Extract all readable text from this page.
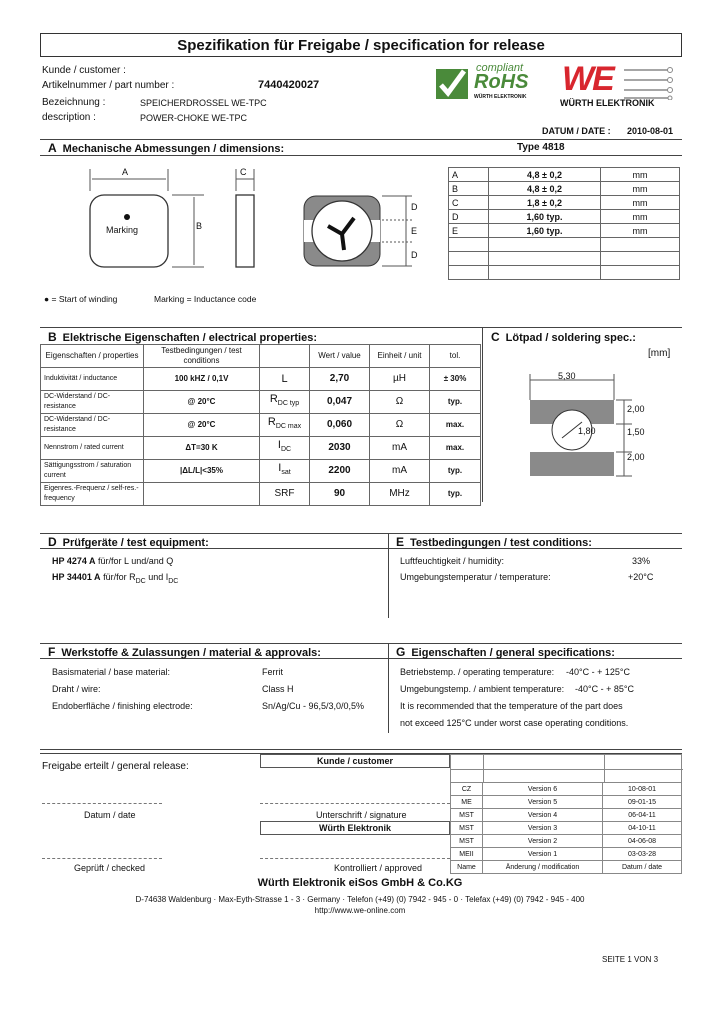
Spezifikation für Freigabe / specification for release
Kunde / customer :
Artikelnummer / part number :	7440420027
Bezeichnung :	SPEICHERDROSSEL WE-TPC
description :	POWER-CHOKE WE-TPC
compliant
RoHS
WÜRTH ELEKTRONIK WE
WÜRTH ELEKTRONIK
DATUM / DATE : 2010-08-01
A Mechanische Abmessungen / dimensions:	Type 4818
A
B
Marking
C
D
E
D
A	4,8 ± 0,2	mm
B	4,8 ± 0,2	mm
C	1,8 ± 0,2	mm
D	1,60 typ.	mm
E	1,60 typ.	mm

● = Start of winding	Marking = Inductance code
B Elektrische Eigenschaften / electrical properties:
Eigenschaften / properties	Testbedingungen / test conditions		Wert / value	Einheit / unit	tol.
Induktivität / inductance	100 kHZ / 0,1V	L	2,70	µH	± 30%
DC-Widerstand / DC-resistance	@ 20°C	$R_{DC typ}$	0,047	Ω	typ.
DC-Widerstand / DC-resistance	@ 20°C	$R_{DC max}$	0,060	Ω	max.
Nennstrom / rated current	ΔT=30 K	$I_{DC}$	2030	mA	max.
Sättigungsstrom / saturation current	|ΔL/L|<35%	$I_{sat}$	2200	mA	typ.
Eigenres.-Frequenz / self-res.-frequency		SRF	90	MHz	typ.
C Lötpad / soldering spec.:
[mm]
5,30
2,00
1,50
2,00
1,80
D Prüfgeräte / test equipment:	E Testbedingungen / test conditions:
HP 4274 A für/for L und/and Q
HP 34401 A für/for $R_{DC}$ und $I_{DC}$
Luftfeuchtigkeit / humidity:	33%
Umgebungstemperatur / temperature:	+20°C
F Werkstoffe & Zulassungen / material & approvals:	G Eigenschaften / general specifications:
Basismaterial / base material:	Ferrit
Draht / wire:	Class H
Endoberfläche / finishing electrode:	Sn/Ag/Cu - 96,5/3,0/0,5%
Betriebstemp. / operating temperature: -40°C - + 125°C
Umgebungstemp. / ambient temperature: -40°C - + 85°C
It is recommended that the temperature of the part does
not exceed 125°C under worst case operating conditions.
Freigabe erteilt / general release:	Kunde / customer
Datum / date	Unterschrift / signature
Würth Elektronik
Geprüft / checked	Kontrolliert / approved
CZ	Version 6	10-08-01
ME	Version 5	09-01-15
MST	Version 4	06-04-11
MST	Version 3	04-10-11
MST	Version 2	04-06-08
MEII	Version 1	03-03-28
Name	Änderung / modification	Datum / date
Würth Elektronik eiSos GmbH & Co.KG
D-74638 Waldenburg · Max-Eyth-Strasse 1 - 3 · Germany · Telefon (+49) (0) 7942 - 945 - 0 · Telefax (+49) (0) 7942 - 945 - 400
http://www.we-online.com
SEITE 1 VON 3
